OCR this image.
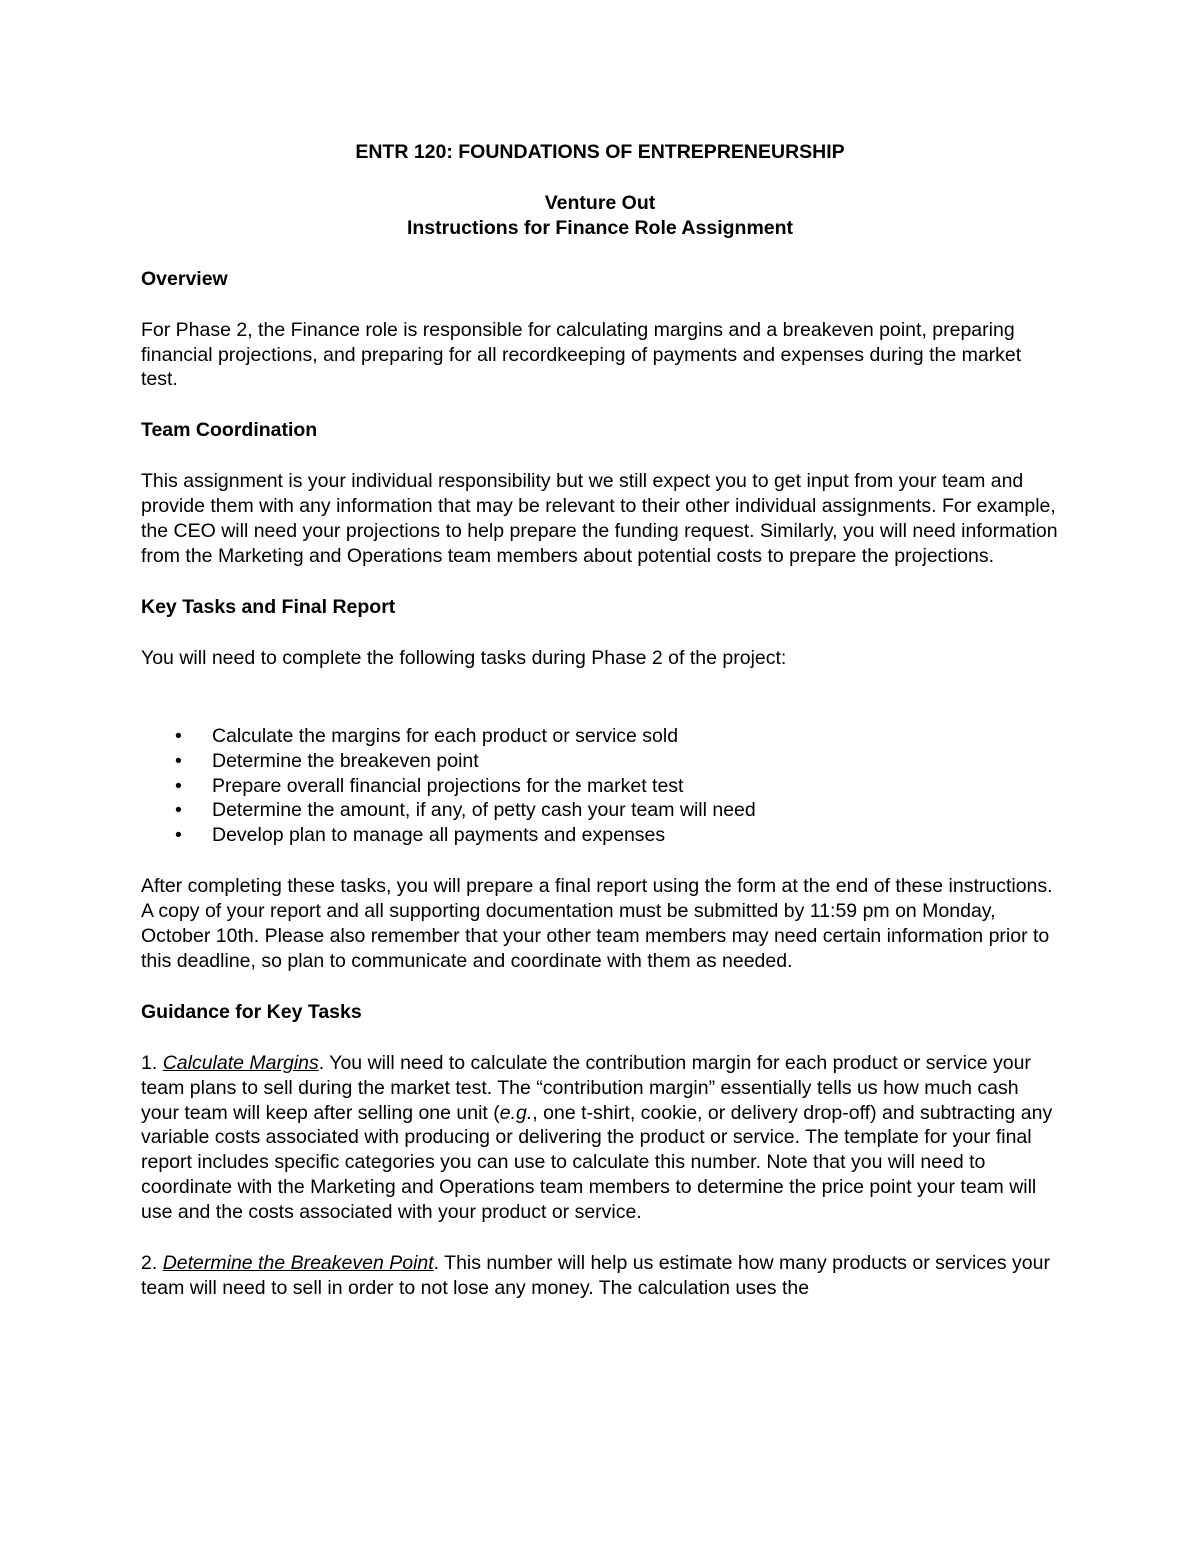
ENTR 120: FOUNDATIONS OF ENTREPRENEURSHIP

Venture Out

Instructions for Finance Role Assignment

Overview

For Phase 2, the Finance role is responsible for calculating margins and a breakeven point, preparing financial projections, and preparing for all recordkeeping of payments and expenses during the market test.

Team Coordination

This assignment is your individual responsibility but we still expect you to get input from your team and provide them with any information that may be relevant to their other individual assignments. For example, the CEO will need your projections to help prepare the funding request. Similarly, you will need information from the Marketing and Operations team members about potential costs to prepare the projections.

Key Tasks and Final Report

You will need to complete the following tasks during Phase 2 of the project:

• Calculate the margins for each product or service sold
• Determine the breakeven point
• Prepare overall financial projections for the market test
• Determine the amount, if any, of petty cash your team will need
• Develop plan to manage all payments and expenses

After completing these tasks, you will prepare a final report using the form at the end of these instructions. A copy of your report and all supporting documentation must be submitted by 11:59 pm on Monday, October 10th. Please also remember that your other team members may need certain information prior to this deadline, so plan to communicate and coordinate with them as needed.

Guidance for Key Tasks

1. Calculate Margins. You will need to calculate the contribution margin for each product or service your team plans to sell during the market test. The “contribution margin” essentially tells us how much cash your team will keep after selling one unit (e.g., one t-shirt, cookie, or delivery drop-off) and subtracting any variable costs associated with producing or delivering the product or service. The template for your final report includes specific categories you can use to calculate this number. Note that you will need to coordinate with the Marketing and Operations team members to determine the price point your team will use and the costs associated with your product or service.

2. Determine the Breakeven Point. This number will help us estimate how many products or services your team will need to sell in order to not lose any money. The calculation uses the
